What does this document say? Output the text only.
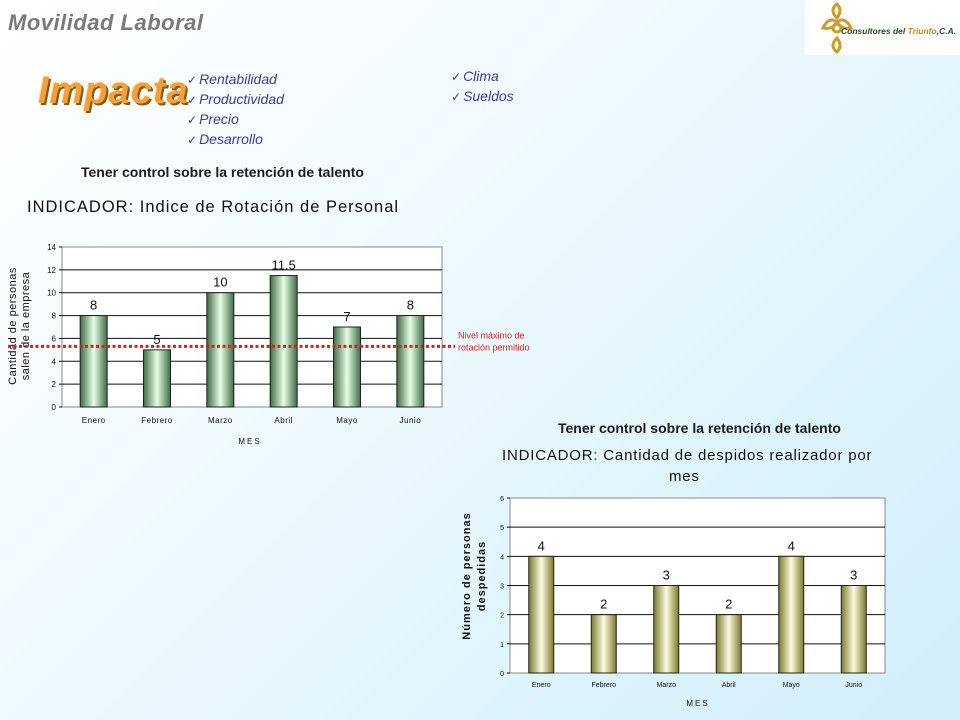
Movilidad Laboral	Consultores del Triunfo,C.A.
Impacta
✓ Rentabilidad
✓ Productividad
✓ Precio
✓ Desarrollo
✓ Clima
✓ Sueldos
Tener control sobre la retención de talento
Tener control sobre la retención de talento
INDICADOR: Indice de Rotación de Personal
8
5
10
11.5
7
8
0
2
4
6
8
10
12
14
Enero	Febrero	Marzo	Abril	Mayo	Junio
MES
Cantidad de personassalen de la empresa	Nivel máximo de rotación permitido
INDICADOR: Cantidad de despidos realizador por mes
4
2
3
2
4
3
0
1
2
3
4
5
6
Enero	Febrero	Marzo	Abril	Mayo	Junio
MES
Número de personas despedidas
